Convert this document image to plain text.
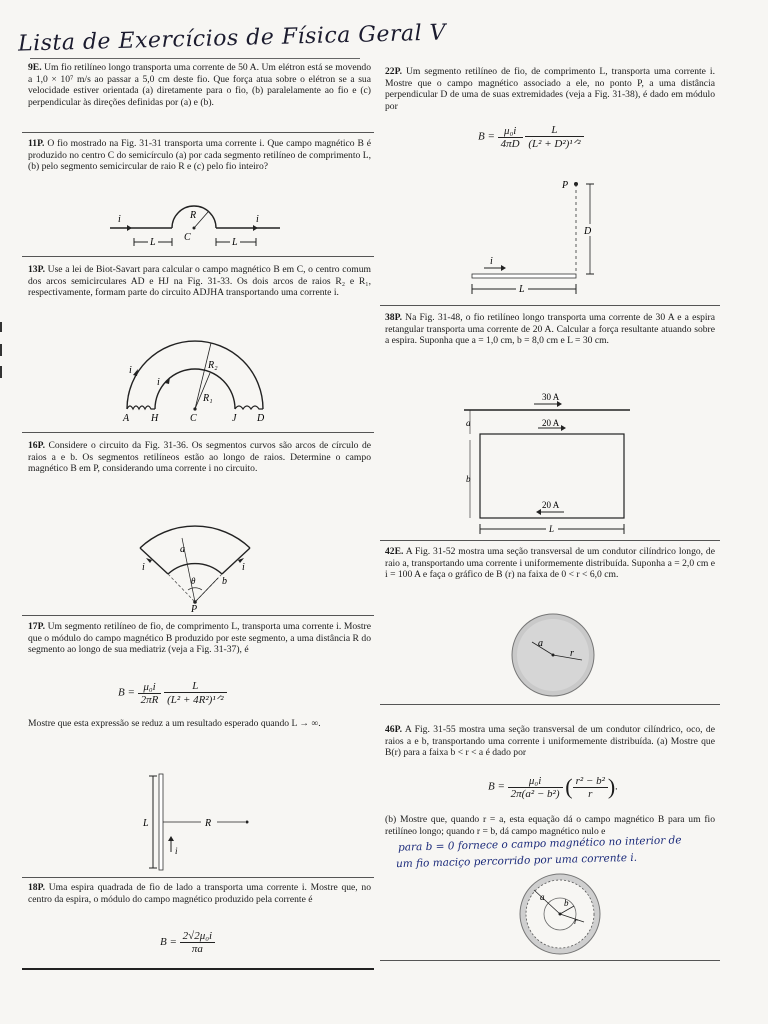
Lista de Exercícios de Física Geral V
9E. Um fio retilíneo longo transporta uma corrente de 50 A. Um elétron está se movendo a 1,0 × 10⁷ m/s ao passar a 5,0 cm deste fio. Que força atua sobre o elétron se a sua velocidade estiver orientada (a) diretamente para o fio, (b) paralelamente ao fio e (c) perpendicular às direções definidas por (a) e (b).
11P. O fio mostrado na Fig. 31-31 transporta uma corrente i. Que campo magnético B é produzido no centro C do semicírculo (a) por cada segmento retilíneo de comprimento L, (b) pelo segmento semicircular de raio R e (c) pelo fio inteiro?
i	i
R
C
L	L
13P. Use a lei de Biot-Savart para calcular o campo magnético B em C, o centro comum dos arcos semicirculares AD e HJ na Fig. 31-33. Os dois arcos de raios R₂ e R₁, respectivamente, formam parte do circuito ADJHA transportando uma corrente i.
R₂
R₁
i
i
A H	C	J D
16P. Considere o circuito da Fig. 31-36. Os segmentos curvos são arcos de círculo de raios a e b. Os segmentos retilíneos estão ao longo de raios. Determine o campo magnético B em P, considerando uma corrente i no circuito.
a
b
θ
P
i	i
17P. Um segmento retilíneo de fio, de comprimento L, transporta uma corrente i. Mostre que o módulo do campo magnético B produzido por este segmento, a uma distância R do segmento ao longo de sua mediatriz (veja a Fig. 31-37), é
$B = \frac{\text{μ₀i}}{2\pi R}$
$\frac{L}{\text{(L² + 4R²)¹ᐟ²}}$
Mostre que esta expressão se reduz a um resultado esperado quando L → ∞.
L	R
i
18P. Uma espira quadrada de fio de lado a transporta uma corrente i. Mostre que, no centro da espira, o módulo do campo magnético produzido pela corrente é
$B = \frac{\text{2√2μ₀i}}{\pi a}$
22P. Um segmento retilíneo de fio, de comprimento L, transporta uma corrente i. Mostre que o campo magnético associado a ele, no ponto P, a uma distância perpendicular D de uma de suas extremidades (veja a Fig. 31-38), é dado em módulo por
$B = \frac{\text{μ₀i}}{4\pi D}$
$\frac{L}{\text{(L² + D²)¹ᐟ²}}$
P
D
i
L
38P. Na Fig. 31-48, o fio retilíneo longo transporta uma corrente de 30 A e a espira retangular transporta uma corrente de 20 A. Calcular a força resultante atuando sobre a espira. Suponha que a = 1,0 cm, b = 8,0 cm e L = 30 cm.
30 A
20 A
20 A
a
b
L
42E. A Fig. 31-52 mostra uma seção transversal de um condutor cilíndrico longo, de raio a, transportando uma corrente i uniformemente distribuída. Suponha a = 2,0 cm e i = 100 A e faça o gráfico de B (r) na faixa de 0 < r < 6,0 cm.
a
r
46P. A Fig. 31-55 mostra uma seção transversal de um condutor cilíndrico, oco, de raios a e b, transportando uma corrente i uniformemente distribuída. (a) Mostre que B(r) para a faixa b < r < a é dado por
$B = \frac{\text{μ₀i}}{\text{2π(a² − b²)}}$ ( $\frac{\text{r² − b²}}{r}$ ).
(b) Mostre que, quando r = a, esta equação dá o campo magnético B para um fio retilíneo longo; quando r = b, dá campo magnético nulo e
para b = 0 fornece o campo magnético no interior de
um fio maciço percorrido por uma corrente i.
a
b
r
